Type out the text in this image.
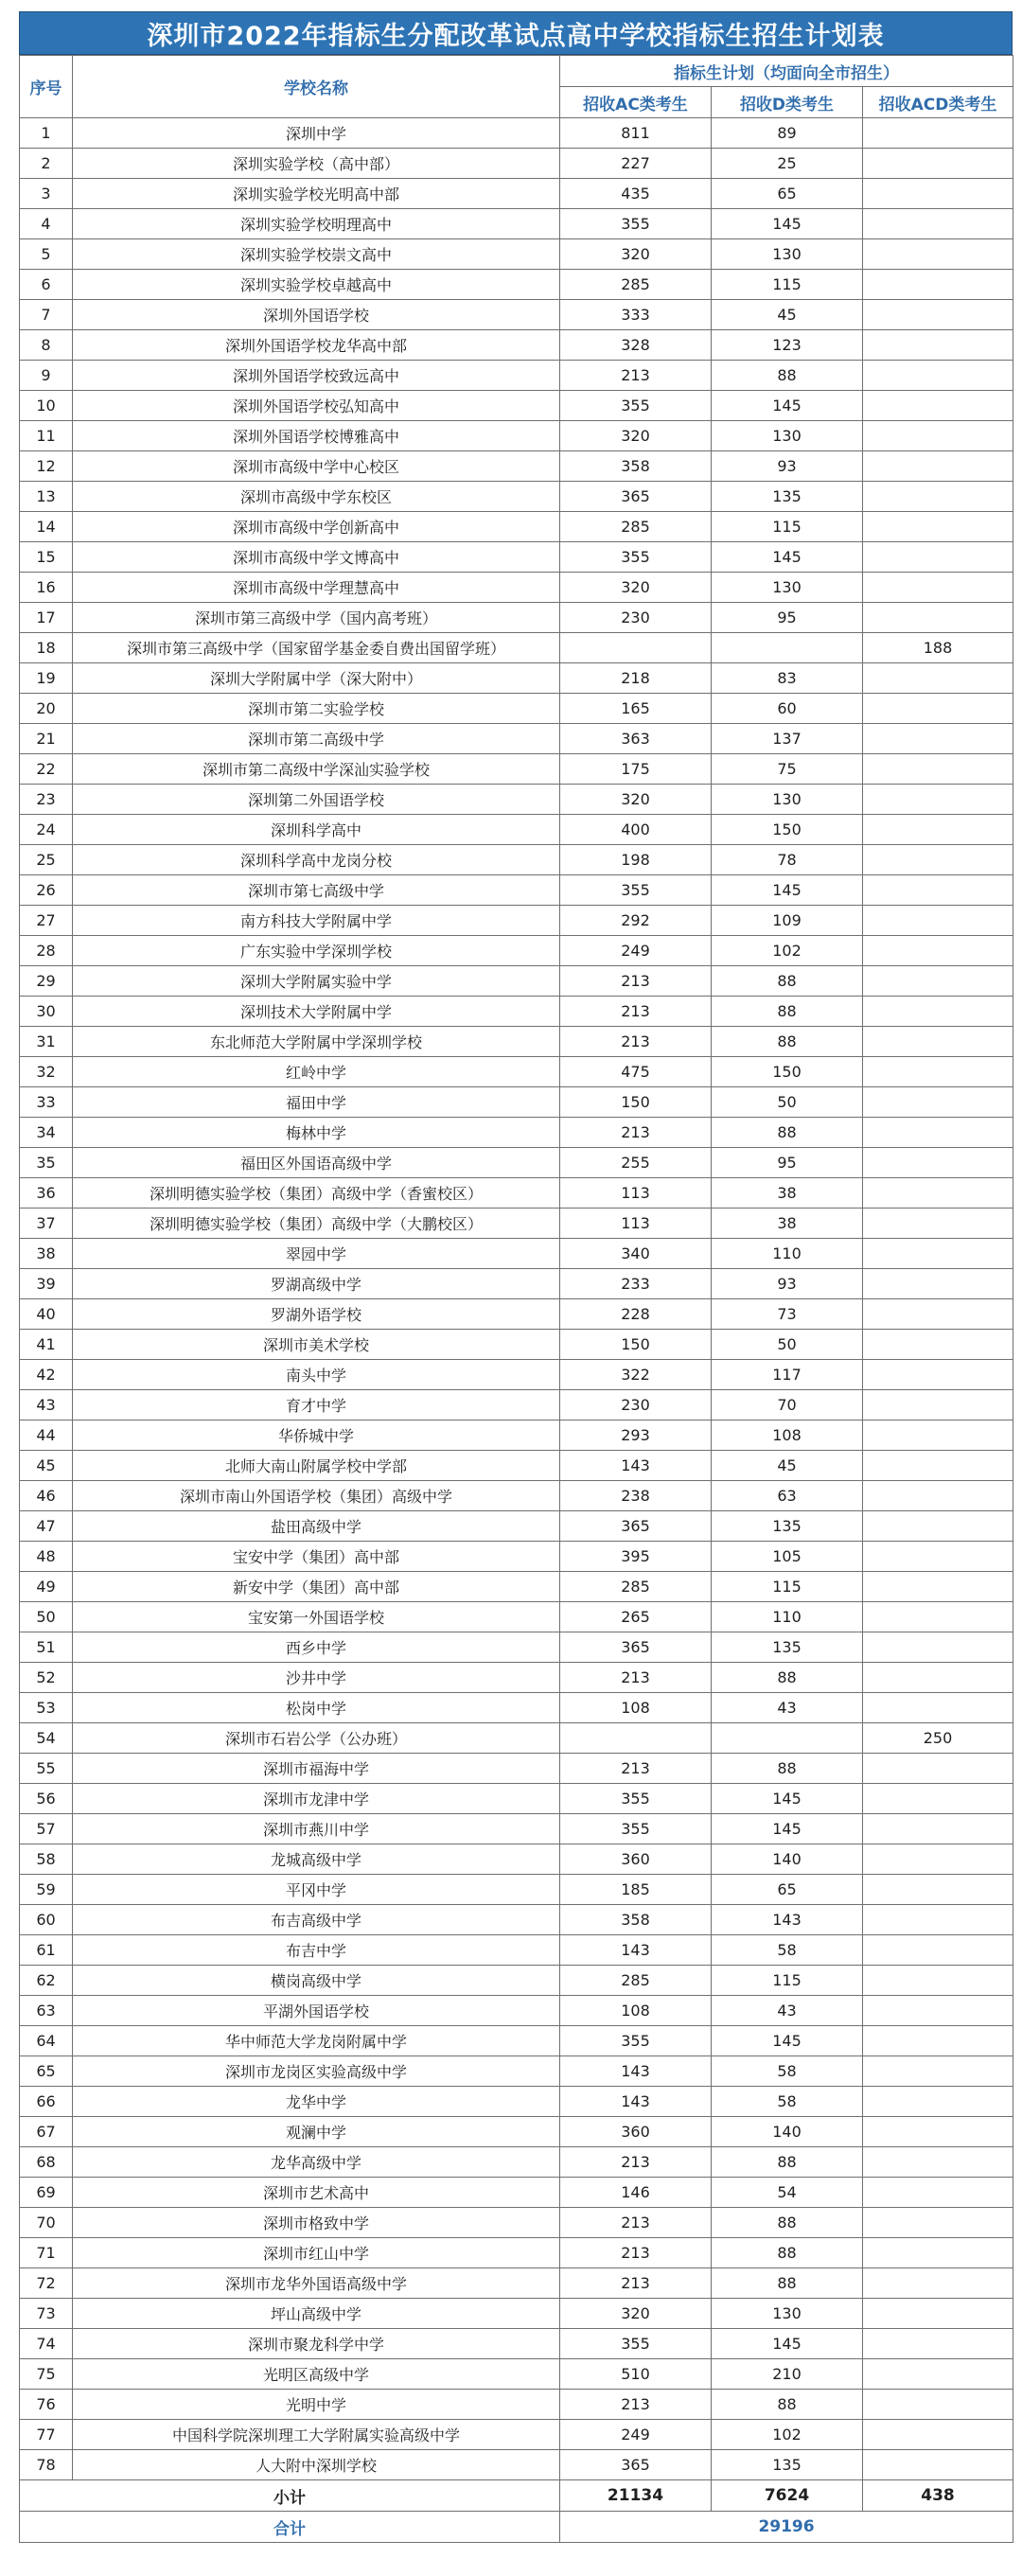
深圳市2022年指标生分配改革试点高中学校指标生招生计划表
序号	学校名称	指标生计划（均面向全市招生）		
		招收AC类考生	招收D类考生	招收ACD类考生
1	深圳中学	811	89	
2	深圳实验学校（高中部）	227	25	
3	深圳实验学校光明高中部	435	65	
4	深圳实验学校明理高中	355	145	
5	深圳实验学校崇文高中	320	130	
6	深圳实验学校卓越高中	285	115	
7	深圳外国语学校	333	45	
8	深圳外国语学校龙华高中部	328	123	
9	深圳外国语学校致远高中	213	88	
10	深圳外国语学校弘知高中	355	145	
11	深圳外国语学校博雅高中	320	130	
12	深圳市高级中学中心校区	358	93	
13	深圳市高级中学东校区	365	135	
14	深圳市高级中学创新高中	285	115	
15	深圳市高级中学文博高中	355	145	
16	深圳市高级中学理慧高中	320	130	
17	深圳市第三高级中学（国内高考班）	230	95	
18	深圳市第三高级中学（国家留学基金委自费出国留学班）			188
19	深圳大学附属中学（深大附中）	218	83	
20	深圳市第二实验学校	165	60	
21	深圳市第二高级中学	363	137	
22	深圳市第二高级中学深汕实验学校	175	75	
23	深圳第二外国语学校	320	130	
24	深圳科学高中	400	150	
25	深圳科学高中龙岗分校	198	78	
26	深圳市第七高级中学	355	145	
27	南方科技大学附属中学	292	109	
28	广东实验中学深圳学校	249	102	
29	深圳大学附属实验中学	213	88	
30	深圳技术大学附属中学	213	88	
31	东北师范大学附属中学深圳学校	213	88	
32	红岭中学	475	150	
33	福田中学	150	50	
34	梅林中学	213	88	
35	福田区外国语高级中学	255	95	
36	深圳明德实验学校（集团）高级中学（香蜜校区）	113	38	
37	深圳明德实验学校（集团）高级中学（大鹏校区）	113	38	
38	翠园中学	340	110	
39	罗湖高级中学	233	93	
40	罗湖外语学校	228	73	
41	深圳市美术学校	150	50	
42	南头中学	322	117	
43	育才中学	230	70	
44	华侨城中学	293	108	
45	北师大南山附属学校中学部	143	45	
46	深圳市南山外国语学校（集团）高级中学	238	63	
47	盐田高级中学	365	135	
48	宝安中学（集团）高中部	395	105	
49	新安中学（集团）高中部	285	115	
50	宝安第一外国语学校	265	110	
51	西乡中学	365	135	
52	沙井中学	213	88	
53	松岗中学	108	43	
54	深圳市石岩公学（公办班）			250
55	深圳市福海中学	213	88	
56	深圳市龙津中学	355	145	
57	深圳市燕川中学	355	145	
58	龙城高级中学	360	140	
59	平冈中学	185	65	
60	布吉高级中学	358	143	
61	布吉中学	143	58	
62	横岗高级中学	285	115	
63	平湖外国语学校	108	43	
64	华中师范大学龙岗附属中学	355	145	
65	深圳市龙岗区实验高级中学	143	58	
66	龙华中学	143	58	
67	观澜中学	360	140	
68	龙华高级中学	213	88	
69	深圳市艺术高中	146	54	
70	深圳市格致中学	213	88	
71	深圳市红山中学	213	88	
72	深圳市龙华外国语高级中学	213	88	
73	坪山高级中学	320	130	
74	深圳市聚龙科学中学	355	145	
75	光明区高级中学	510	210	
76	光明中学	213	88	
77	中国科学院深圳理工大学附属实验高级中学	249	102	
78	人大附中深圳学校	365	135	
小计		21134	7624	438
合计		29196		
